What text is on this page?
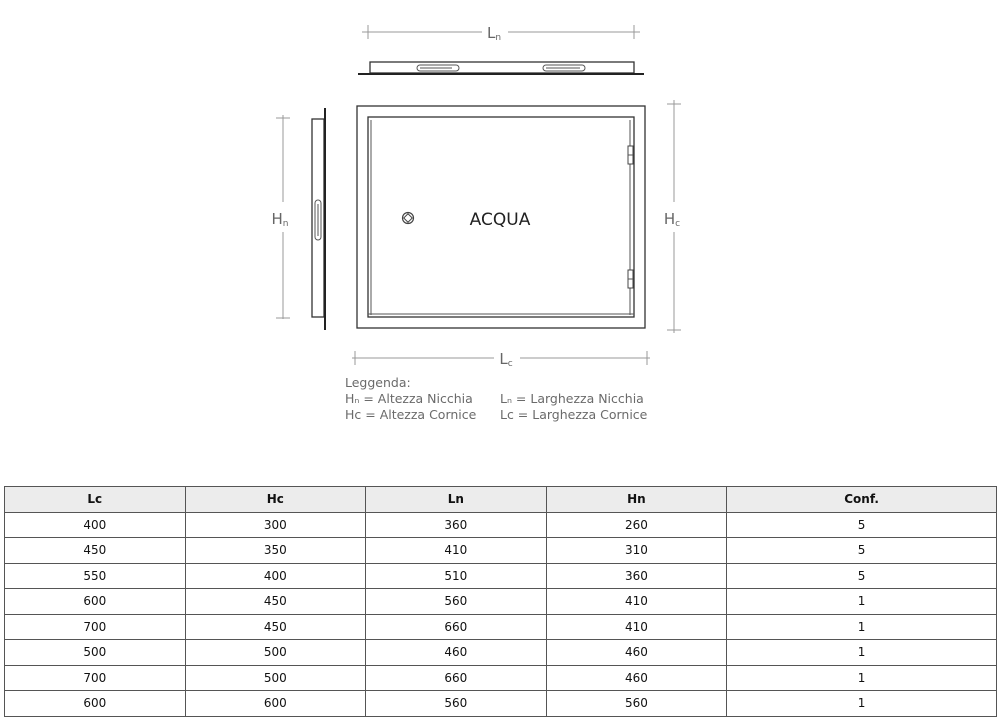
Ln
Hn	ACQUA	Hc
Lc
Leggenda:
Hₙ = Altezza Nicchia	Lₙ = Larghezza Nicchia
Hᴄ = Altezza Cornice	Lᴄ = Larghezza Cornice
Lc	Hc	Ln	Hn	Conf.
400	300	360	260	5
450	350	410	310	5
550	400	510	360	5
600	450	560	410	1
700	450	660	410	1
500	500	460	460	1
700	500	660	460	1
600	600	560	560	1
